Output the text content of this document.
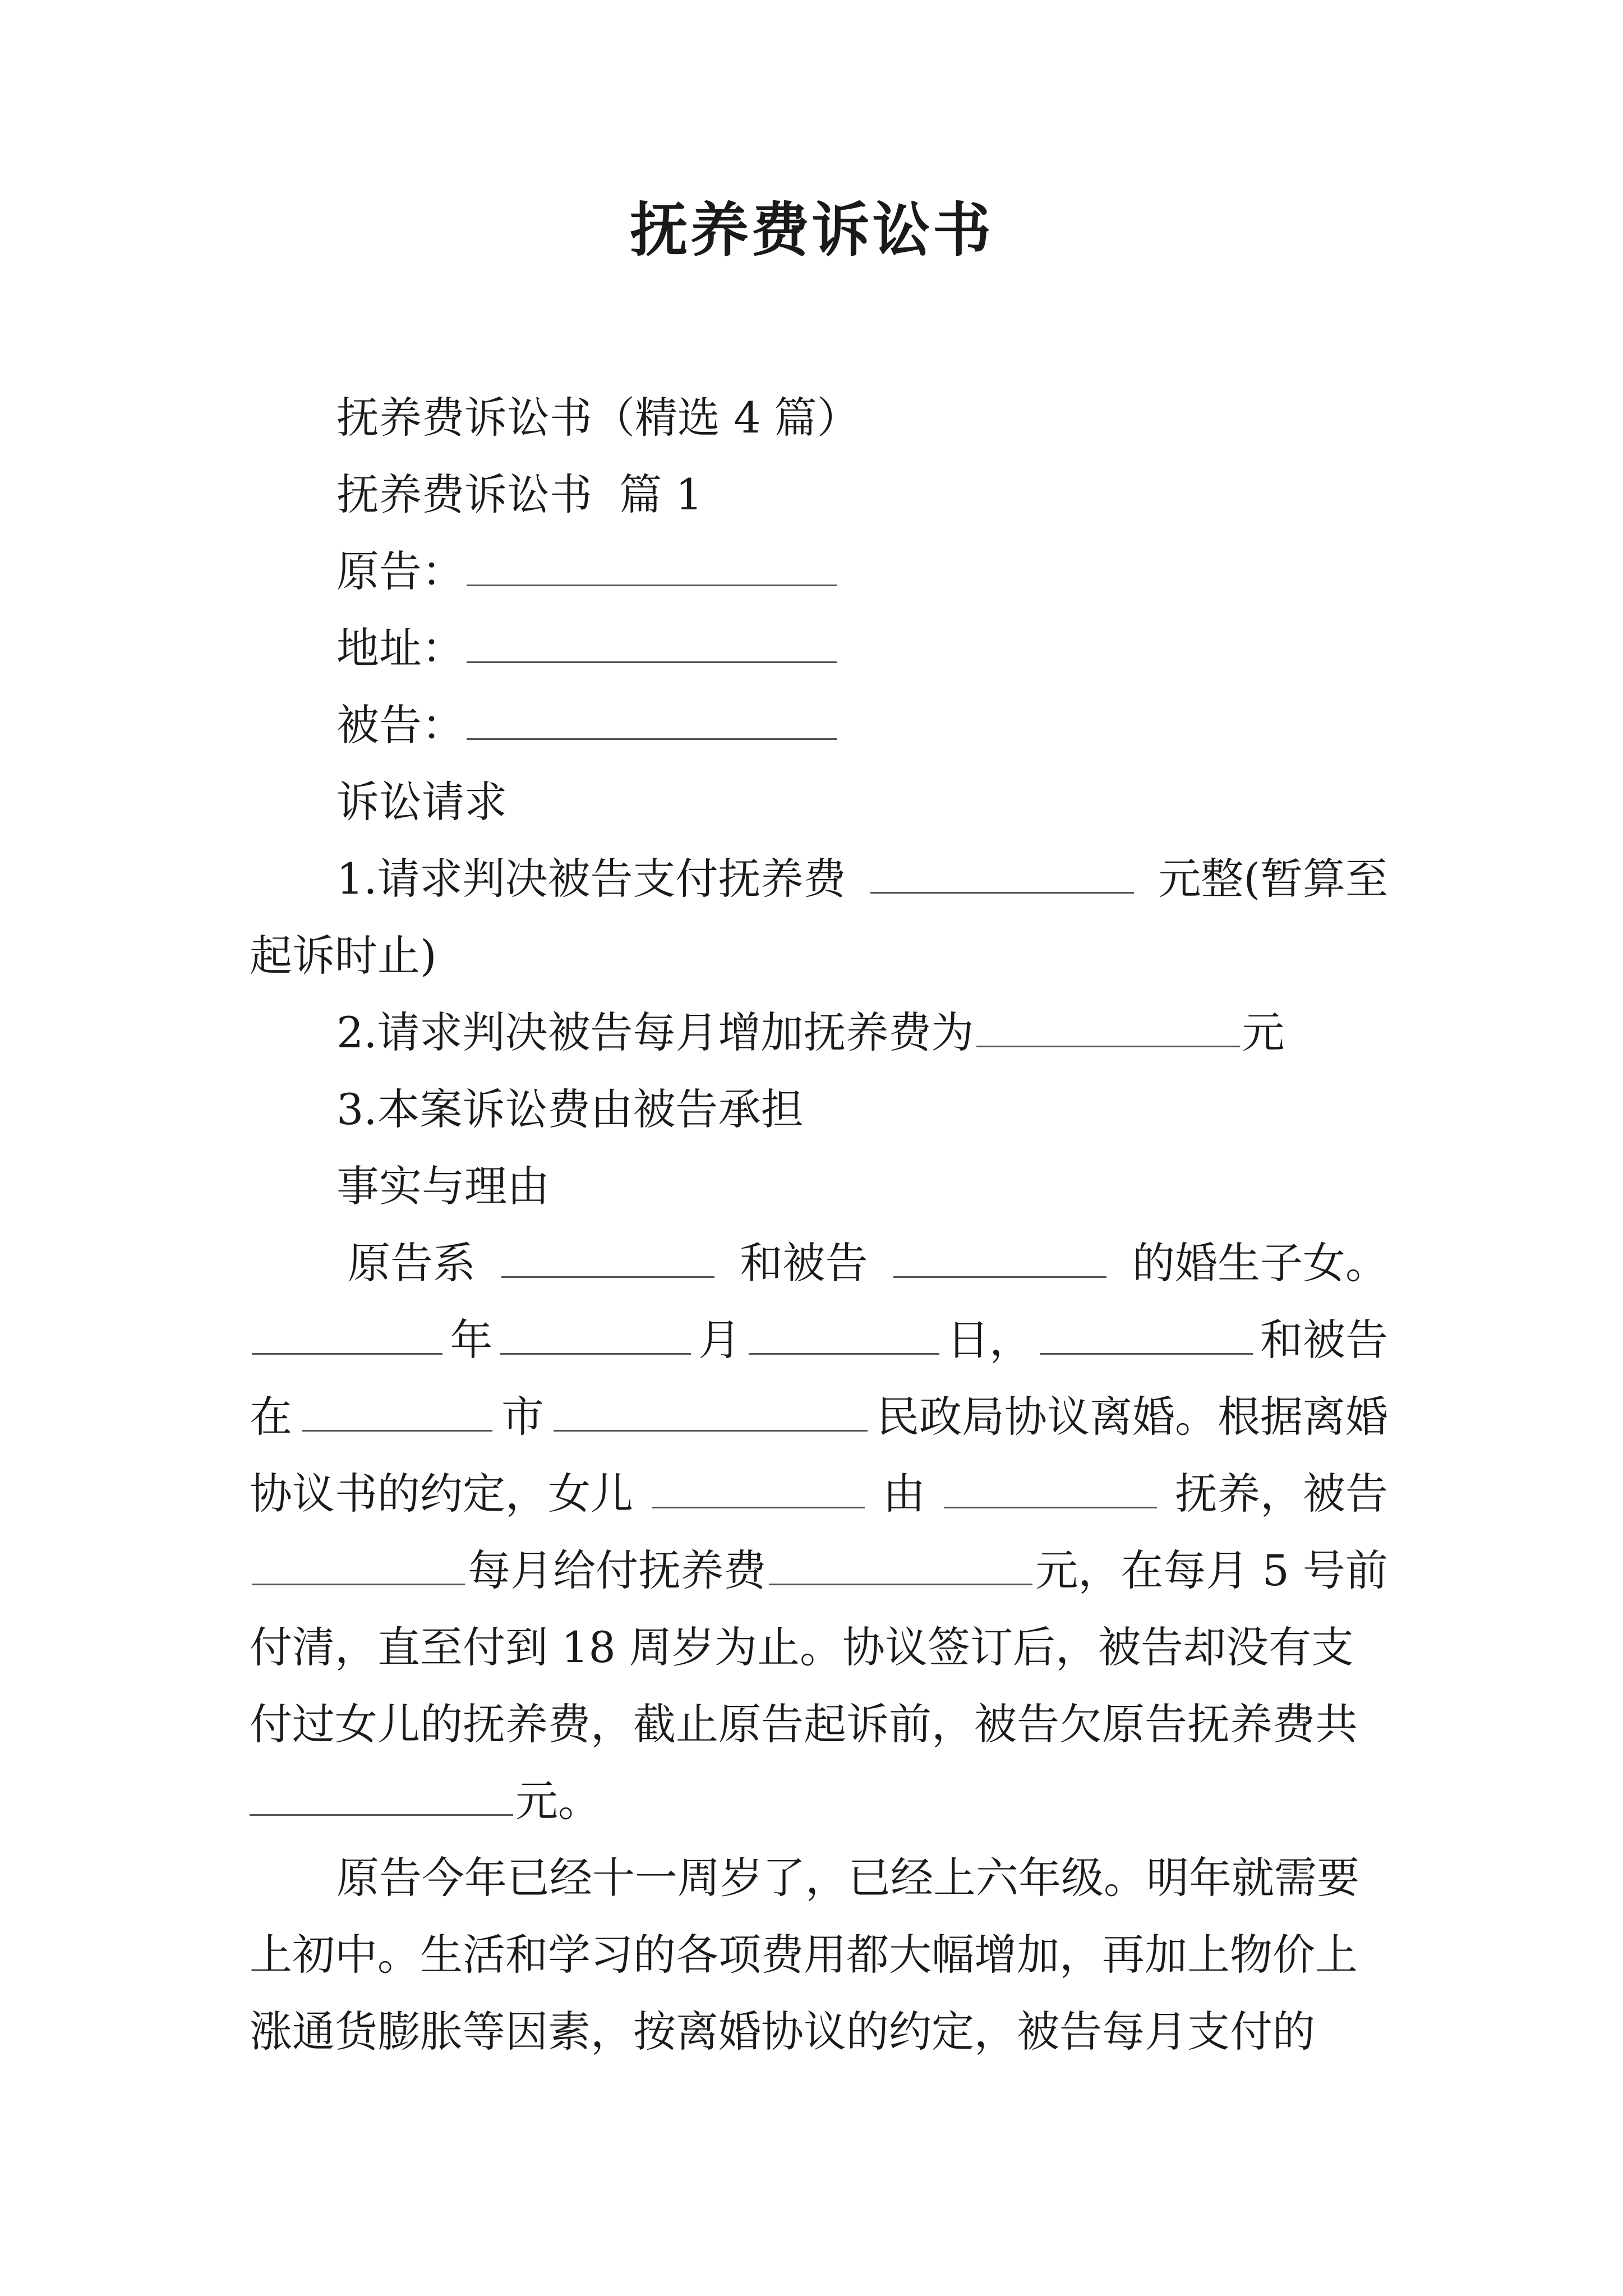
抚养费诉讼书
抚养费诉讼书（精选 4 篇）
抚养费诉讼书  篇 1
原告：
地址：
被告：
诉讼请求
1.请求判决被告支付抚养费	元整(暂算至
起诉时止)
2.请求判决被告每月增加抚养费为	元
3.本案诉讼费由被告承担
事实与理由
原告系	和被告	的婚生子女。
年	月	日，	和被告
在	市	民政局协议离婚。根据离婚
协议书的约定，女儿	由	抚养，被告
每月给付抚养费	元，在每月 5 号前
付清，直至付到 18 周岁为止。协议签订后，被告却没有支
付过女儿的抚养费，截止原告起诉前，被告欠原告抚养费共
元。
原告今年已经十一周岁了，已经上六年级。明年就需要
上初中。生活和学习的各项费用都大幅增加，再加上物价上
涨通货膨胀等因素，按离婚协议的约定，被告每月支付的
